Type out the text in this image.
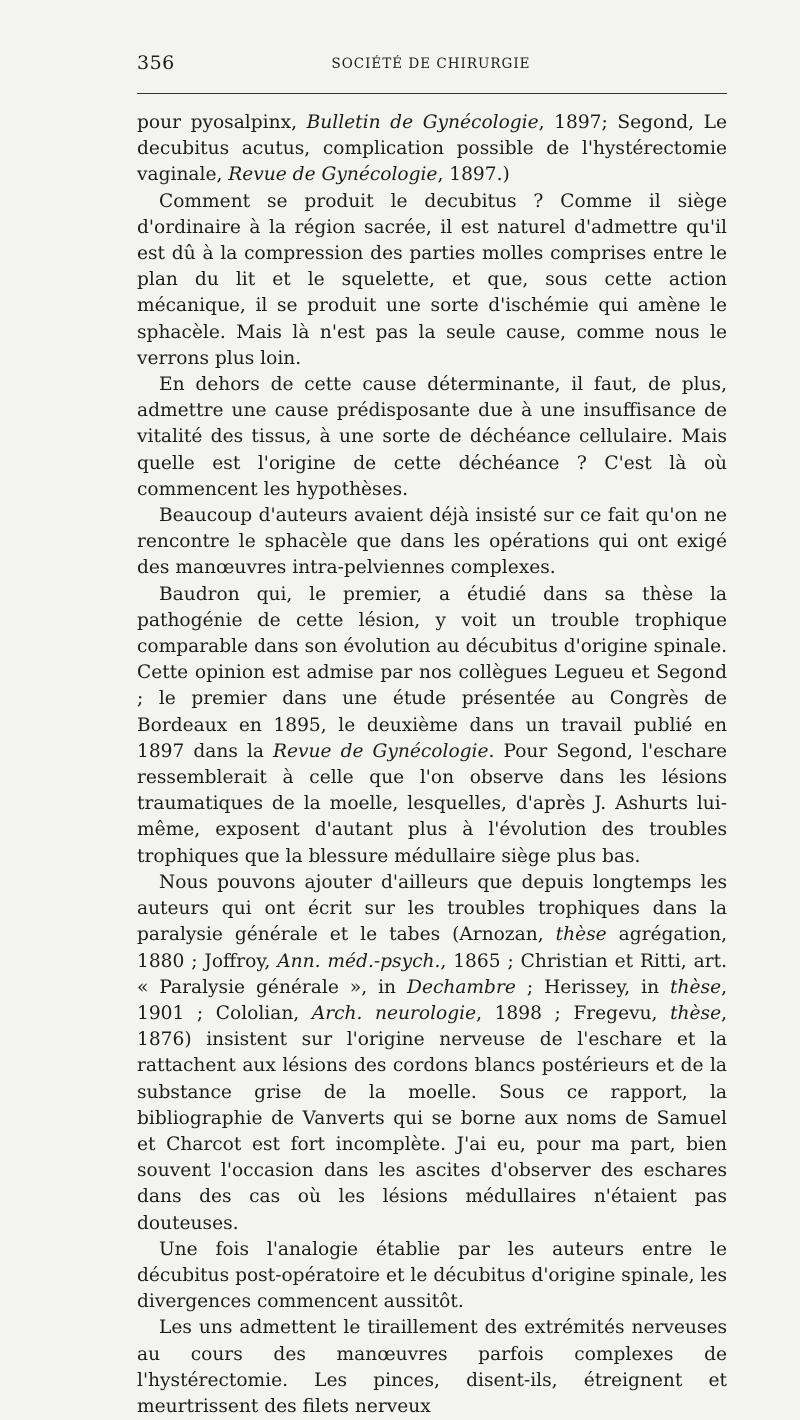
356	SOCIÉTÉ DE CHIRURGIE

pour pyosalpinx, Bulletin de Gynécologie, 1897; Segond, Le decubitus acutus, complication possible de l'hystérectomie vaginale, Revue de Gynécologie, 1897.)

Comment se produit le decubitus ? Comme il siège d'ordinaire à la région sacrée, il est naturel d'admettre qu'il est dû à la compression des parties molles comprises entre le plan du lit et le squelette, et que, sous cette action mécanique, il se produit une sorte d'ischémie qui amène le sphacèle. Mais là n'est pas la seule cause, comme nous le verrons plus loin.

En dehors de cette cause déterminante, il faut, de plus, admettre une cause prédisposante due à une insuffisance de vitalité des tissus, à une sorte de déchéance cellulaire. Mais quelle est l'origine de cette déchéance ? C'est là où commencent les hypothèses.

Beaucoup d'auteurs avaient déjà insisté sur ce fait qu'on ne rencontre le sphacèle que dans les opérations qui ont exigé des manœuvres intra-pelviennes complexes.

Baudron qui, le premier, a étudié dans sa thèse la pathogénie de cette lésion, y voit un trouble trophique comparable dans son évolution au décubitus d'origine spinale. Cette opinion est admise par nos collègues Legueu et Segond ; le premier dans une étude présentée au Congrès de Bordeaux en 1895, le deuxième dans un travail publié en 1897 dans la Revue de Gynécologie. Pour Segond, l'eschare ressemblerait à celle que l'on observe dans les lésions traumatiques de la moelle, lesquelles, d'après J. Ashurts lui-même, exposent d'autant plus à l'évolution des troubles trophiques que la blessure médullaire siège plus bas.

Nous pouvons ajouter d'ailleurs que depuis longtemps les auteurs qui ont écrit sur les troubles trophiques dans la paralysie générale et le tabes (Arnozan, thèse agrégation, 1880 ; Joffroy, Ann. méd.-psych., 1865 ; Christian et Ritti, art. « Paralysie générale », in Dechambre ; Herissey, in thèse, 1901 ; Cololian, Arch. neurologie, 1898 ; Fregevu, thèse, 1876) insistent sur l'origine nerveuse de l'eschare et la rattachent aux lésions des cordons blancs postérieurs et de la substance grise de la moelle. Sous ce rapport, la bibliographie de Vanverts qui se borne aux noms de Samuel et Charcot est fort incomplète. J'ai eu, pour ma part, bien souvent l'occasion dans les ascites d'observer des eschares dans des cas où les lésions médullaires n'étaient pas douteuses.

Une fois l'analogie établie par les auteurs entre le décubitus post-opératoire et le décubitus d'origine spinale, les divergences commencent aussitôt.

Les uns admettent le tiraillement des extrémités nerveuses au cours des manœuvres parfois complexes de l'hystérectomie. Les pinces, disent-ils, étreignent et meurtrissent des filets nerveux
